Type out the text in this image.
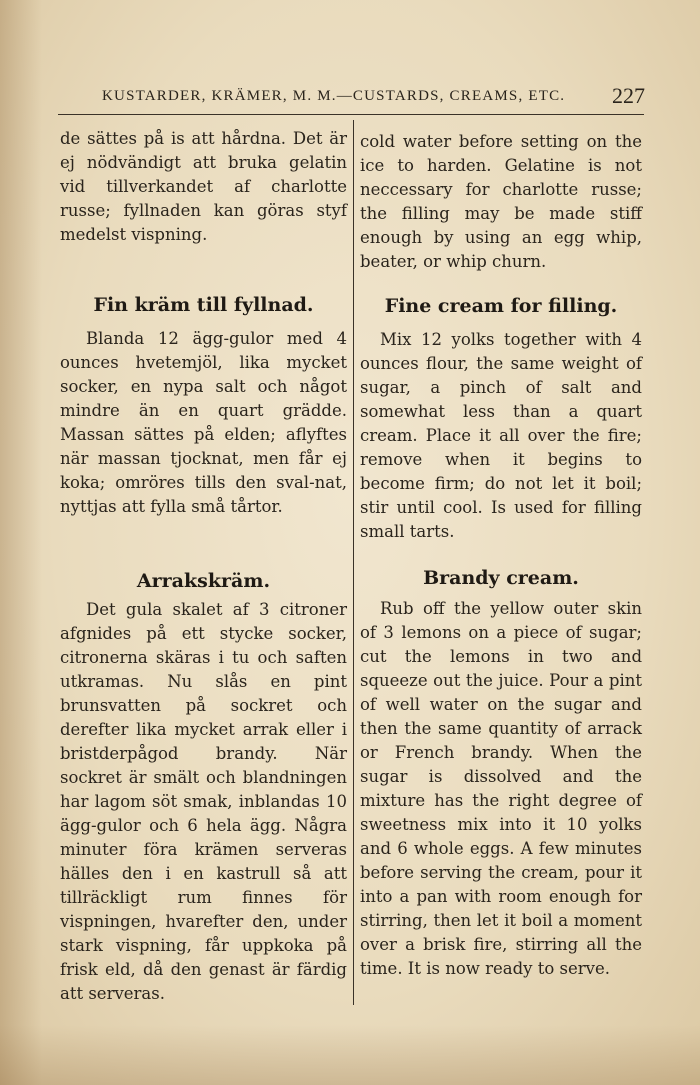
KUSTARDER, KRÄMER, M. M.—CUSTARDS, CREAMS, ETC. 227

de sättes på is att hårdna. Det är ej nödvändigt att bruka gelatin vid tillverkandet af charlotte russe; fyllnaden kan göras styf medelst vispning.

Fin kräm till fyllnad.

Blanda 12 ägg-gulor med 4 ounces hvetemjöl, lika mycket socker, en nypa salt och något mindre än en quart grädde. Massan sättes på elden; aflyftes när massan tjocknat, men får ej koka; omröres tills den sval-nat, nyttjas att fylla små tårtor.

Arrakskräm.

Det gula skalet af 3 citroner afgnides på ett stycke socker, citronerna skäras i tu och saften utkramas. Nu slås en pint brunsvatten på sockret och derefter lika mycket arrak eller i bristderpågod brandy. När sockret är smält och blandningen har lagom söt smak, inblandas 10 ägg-gulor och 6 hela ägg. Några minuter föra krämen serveras hälles den i en kastrull så att tillräckligt rum finnes för vispningen, hvarefter den, under stark vispning, får uppkoka på frisk eld, då den genast är färdig att serveras.

cold water before setting on the ice to harden. Gelatine is not neccessary for charlotte russe; the filling may be made stiff enough by using an egg whip, beater, or whip churn.

Fine cream for filling.

Mix 12 yolks together with 4 ounces flour, the same weight of sugar, a pinch of salt and somewhat less than a quart cream. Place it all over the fire; remove when it begins to become firm; do not let it boil; stir until cool. Is used for filling small tarts.

Brandy cream.

Rub off the yellow outer skin of 3 lemons on a piece of sugar; cut the lemons in two and squeeze out the juice. Pour a pint of well water on the sugar and then the same quantity of arrack or French brandy. When the sugar is dissolved and the mixture has the right degree of sweetness mix into it 10 yolks and 6 whole eggs. A few minutes before serving the cream, pour it into a pan with room enough for stirring, then let it boil a moment over a brisk fire, stirring all the time. It is now ready to serve.
